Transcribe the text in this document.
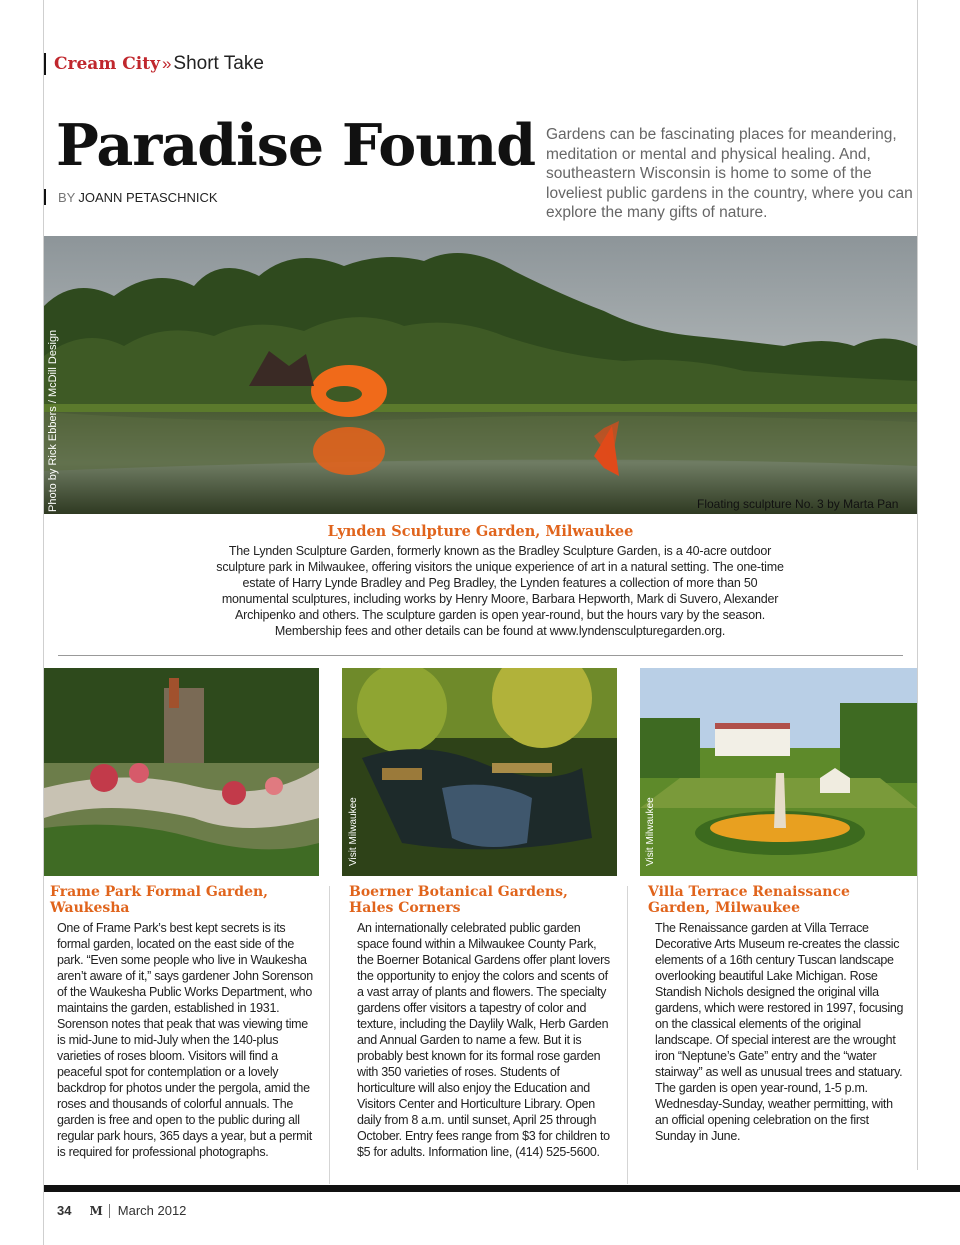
Cream City » Short Take
Paradise Found
BY JOANN PETASCHNICK

Gardens can be fascinating places for meandering, meditation or mental and physical healing. And, southeastern Wisconsin is home to some of the loveliest public gardens in the country, where you can explore the many gifts of nature.

Photo by Rick Ebbers / McDill Design	Floating sculpture No. 3 by Marta Pan
Lynden Sculpture Garden, Milwaukee

The Lynden Sculpture Garden, formerly known as the Bradley Sculpture Garden, is a 40-acre outdoor sculpture park in Milwaukee, offering visitors the unique experience of art in a natural setting. The one-time estate of Harry Lynde Bradley and Peg Bradley, the Lynden features a collection of more than 50 monumental sculptures, including works by Henry Moore, Barbara Hepworth, Mark di Suvero, Alexander Archipenko and others. The sculpture garden is open year-round, but the hours vary by the season. Membership fees and other details can be found at www.lyndensculpturegarden.org.

Frame Park Formal Garden, Waukesha

One of Frame Park’s best kept secrets is its formal garden, located on the east side of the park. “Even some people who live in Waukesha aren’t aware of it,” says gardener John Sorenson of the Waukesha Public Works Department, who maintains the garden, established in 1931. Sorenson notes that peak that was viewing time is mid-June to mid-July when the 140-plus varieties of roses bloom. Visitors will find a peaceful spot for contemplation or a lovely backdrop for photos under the pergola, amid the roses and thousands of colorful annuals. The garden is free and open to the public during all regular park hours, 365 days a year, but a permit is required for professional photographs.

Visit Milwaukee
Boerner Botanical Gardens, Hales Corners

An internationally celebrated public garden space found within a Milwaukee County Park, the Boerner Botanical Gardens offer plant lovers the opportunity to enjoy the colors and scents of a vast array of plants and flowers. The specialty gardens offer visitors a tapestry of color and texture, including the Daylily Walk, Herb Garden and Annual Garden to name a few. But it is probably best known for its formal rose garden with 350 varieties of roses. Students of horticulture will also enjoy the Education and Visitors Center and Horticulture Library. Open daily from 8 a.m. until sunset, April 25 through October. Entry fees range from $3 for children to $5 for adults. Information line, (414) 525-5600.

Visit Milwaukee
Villa Terrace Renaissance Garden, Milwaukee

The Renaissance garden at Villa Terrace Decorative Arts Museum re-creates the classic elements of a 16th century Tuscan landscape overlooking beautiful Lake Michigan. Rose Standish Nichols designed the original villa gardens, which were restored in 1997, focusing on the classical elements of the original landscape. Of special interest are the wrought iron “Neptune’s Gate” entry and the “water stairway” as well as unusual trees and statuary. The garden is open year-round, 1-5 p.m. Wednesday-Sunday, weather permitting, with an official opening celebration on the first Sunday in June.

34 M March 2012
